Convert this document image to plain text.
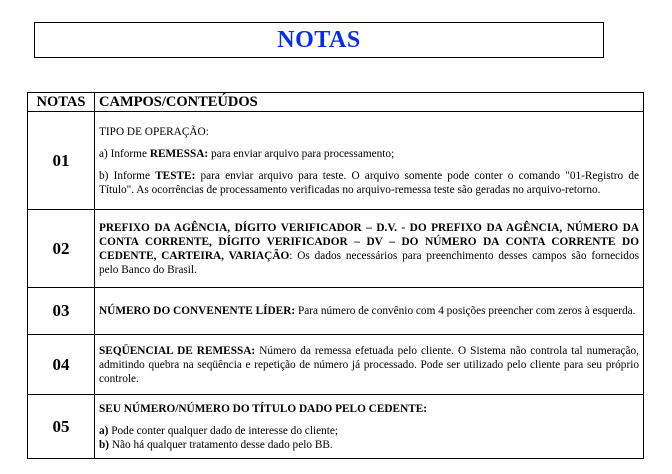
NOTAS
NOTAS	CAMPOS/CONTEÚDOS
01	TIPO DE OPERAÇÃO:

a) Informe REMESSA: para enviar arquivo para processamento;

b) Informe TESTE: para enviar arquivo para teste. O arquivo somente pode conter o comando "01-Registro de Título". As ocorrências de processamento verificadas no arquivo-remessa teste são geradas no arquivo-retorno.

02	PREFIXO DA AGÊNCIA, DÍGITO VERIFICADOR – D.V. - DO PREFIXO DA AGÊNCIA, NÚMERO DA CONTA CORRENTE, DÍGITO VERIFICADOR – DV – DO NÚMERO DA CONTA CORRENTE DO CEDENTE, CARTEIRA, VARIAÇÃO: Os dados necessários para preenchimento desses campos são fornecidos pelo Banco do Brasil.

03	NÚMERO DO CONVENENTE LÍDER: Para número de convênio com 4 posições preencher com zeros à esquerda.

04	SEQÜENCIAL DE REMESSA: Número da remessa efetuada pelo cliente. O Sistema não controla tal numeração, admitindo quebra na seqüência e repetição de número já processado. Pode ser utilizado pelo cliente para seu próprio controle.

05	SEU NÚMERO/NÚMERO DO TÍTULO DADO PELO CEDENTE:

a) Pode conter qualquer dado de interesse do cliente;

b) Não há qualquer tratamento desse dado pelo BB.
